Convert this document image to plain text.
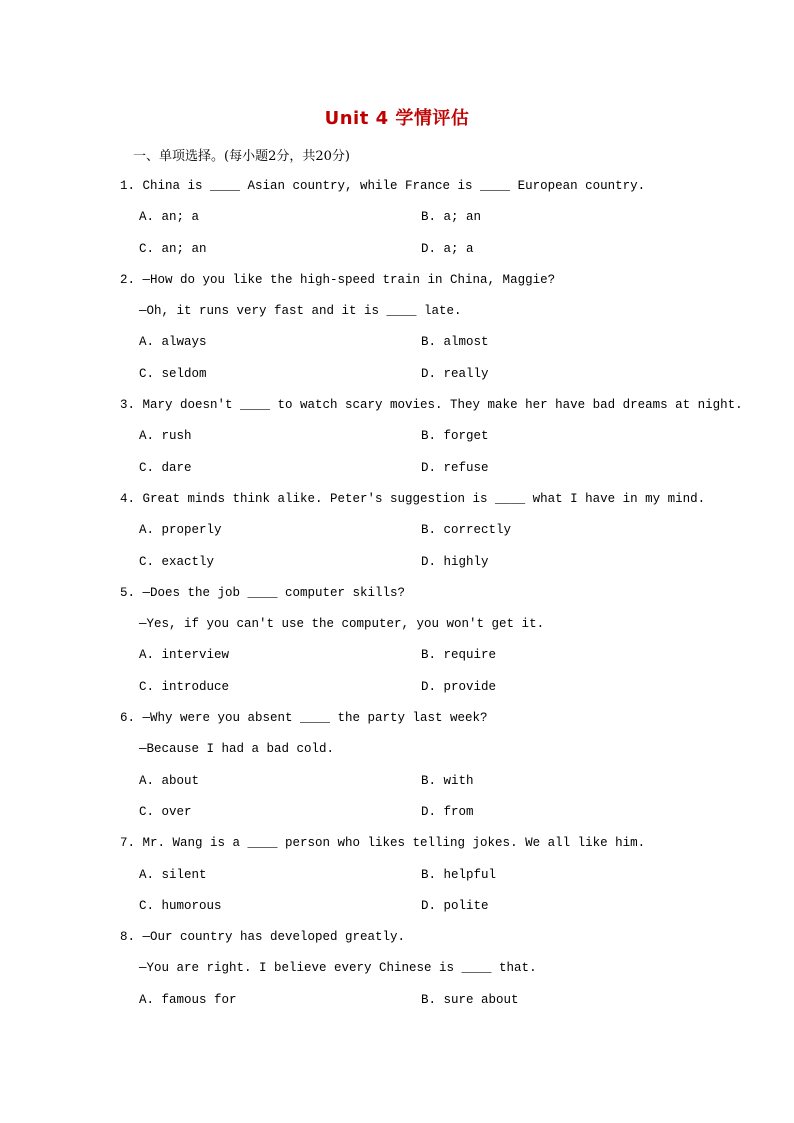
Unit 4 学情评估
一、单项选择。(每小题2分，共20分)
1. China is ____ Asian country, while France is ____ European country.
A. an; a	B. a; an
C. an; an	D. a; a
2. —How do you like the high-speed train in China, Maggie?
—Oh, it runs very fast and it is ____ late.
A. always	B. almost
C. seldom	D. really
3. Mary doesn't ____ to watch scary movies. They make her have bad dreams at night.
A. rush	B. forget
C. dare	D. refuse
4. Great minds think alike. Peter's suggestion is ____ what I have in my mind.
A. properly	B. correctly
C. exactly	D. highly
5. —Does the job ____ computer skills?
—Yes, if you can't use the computer, you won't get it.
A. interview	B. require
C. introduce	D. provide
6. —Why were you absent ____ the party last week?
—Because I had a bad cold.
A. about	B. with
C. over	D. from
7. Mr. Wang is a ____ person who likes telling jokes. We all like him.
A. silent	B. helpful
C. humorous	D. polite
8. —Our country has developed greatly.
—You are right. I believe every Chinese is ____ that.
A. famous for	B. sure about
